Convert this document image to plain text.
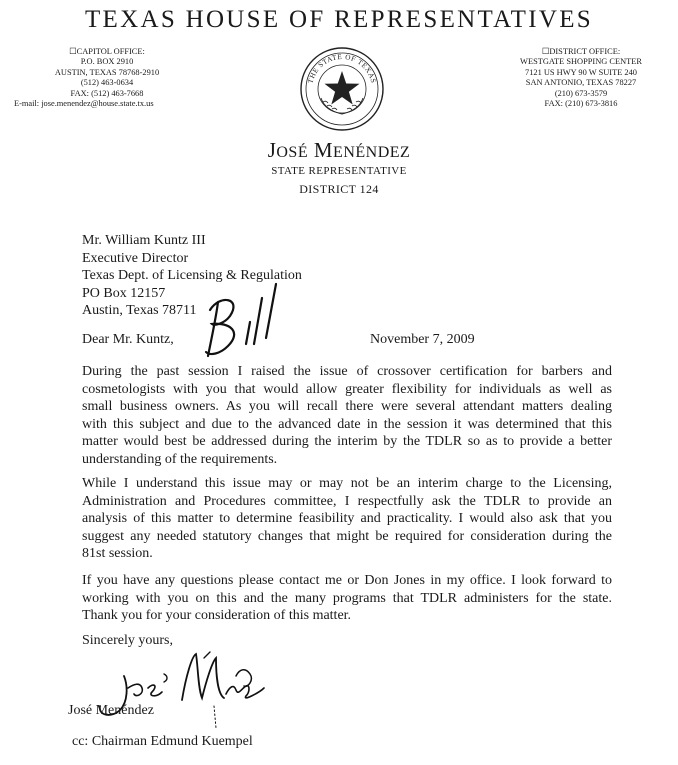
TEXAS HOUSE OF REPRESENTATIVES
☐CAPITOL OFFICE:
P.O. BOX 2910
AUSTIN, TEXAS 78768-2910
(512) 463-0634
FAX: (512) 463-7668
E-mail: jose.menendez@house.state.tx.us
☐DISTRICT OFFICE:
WESTGATE SHOPPING CENTER
7121 US HWY 90 W SUITE 240
SAN ANTONIO, TEXAS 78227
(210) 673-3579
FAX: (210) 673-3816
THE STATE OF TEXAS
JOSÉ MENÉNDEZ
STATE REPRESENTATIVE
DISTRICT 124
Mr. William Kuntz III
Executive Director
Texas Dept. of Licensing & Regulation
PO Box 12157
Austin, Texas 78711
Dear Mr. Kuntz,	November 7, 2009
During the past session I raised the issue of crossover certification for barbers and
cosmetologists with you that would allow greater flexibility for individuals as well as
small business owners. As you will recall there were several attendant matters dealing
with this subject and due to the advanced date in the session it was determined that this
matter would best be addressed during the interim by the TDLR so as to provide a better
understanding of the requirements.
While I understand this issue may or may not be an interim charge to the Licensing,
Administration and Procedures committee, I respectfully ask the TDLR to provide an
analysis of this matter to determine feasibility and practicality. I would also ask that you
suggest any needed statutory changes that might be required for consideration during the
81st session.
If you have any questions please contact me or Don Jones in my office. I look forward to
working with you on this and the many programs that TDLR administers for the state.
Thank you for your consideration of this matter.
Sincerely yours,
José Menéndez
cc: Chairman Edmund Kuempel
